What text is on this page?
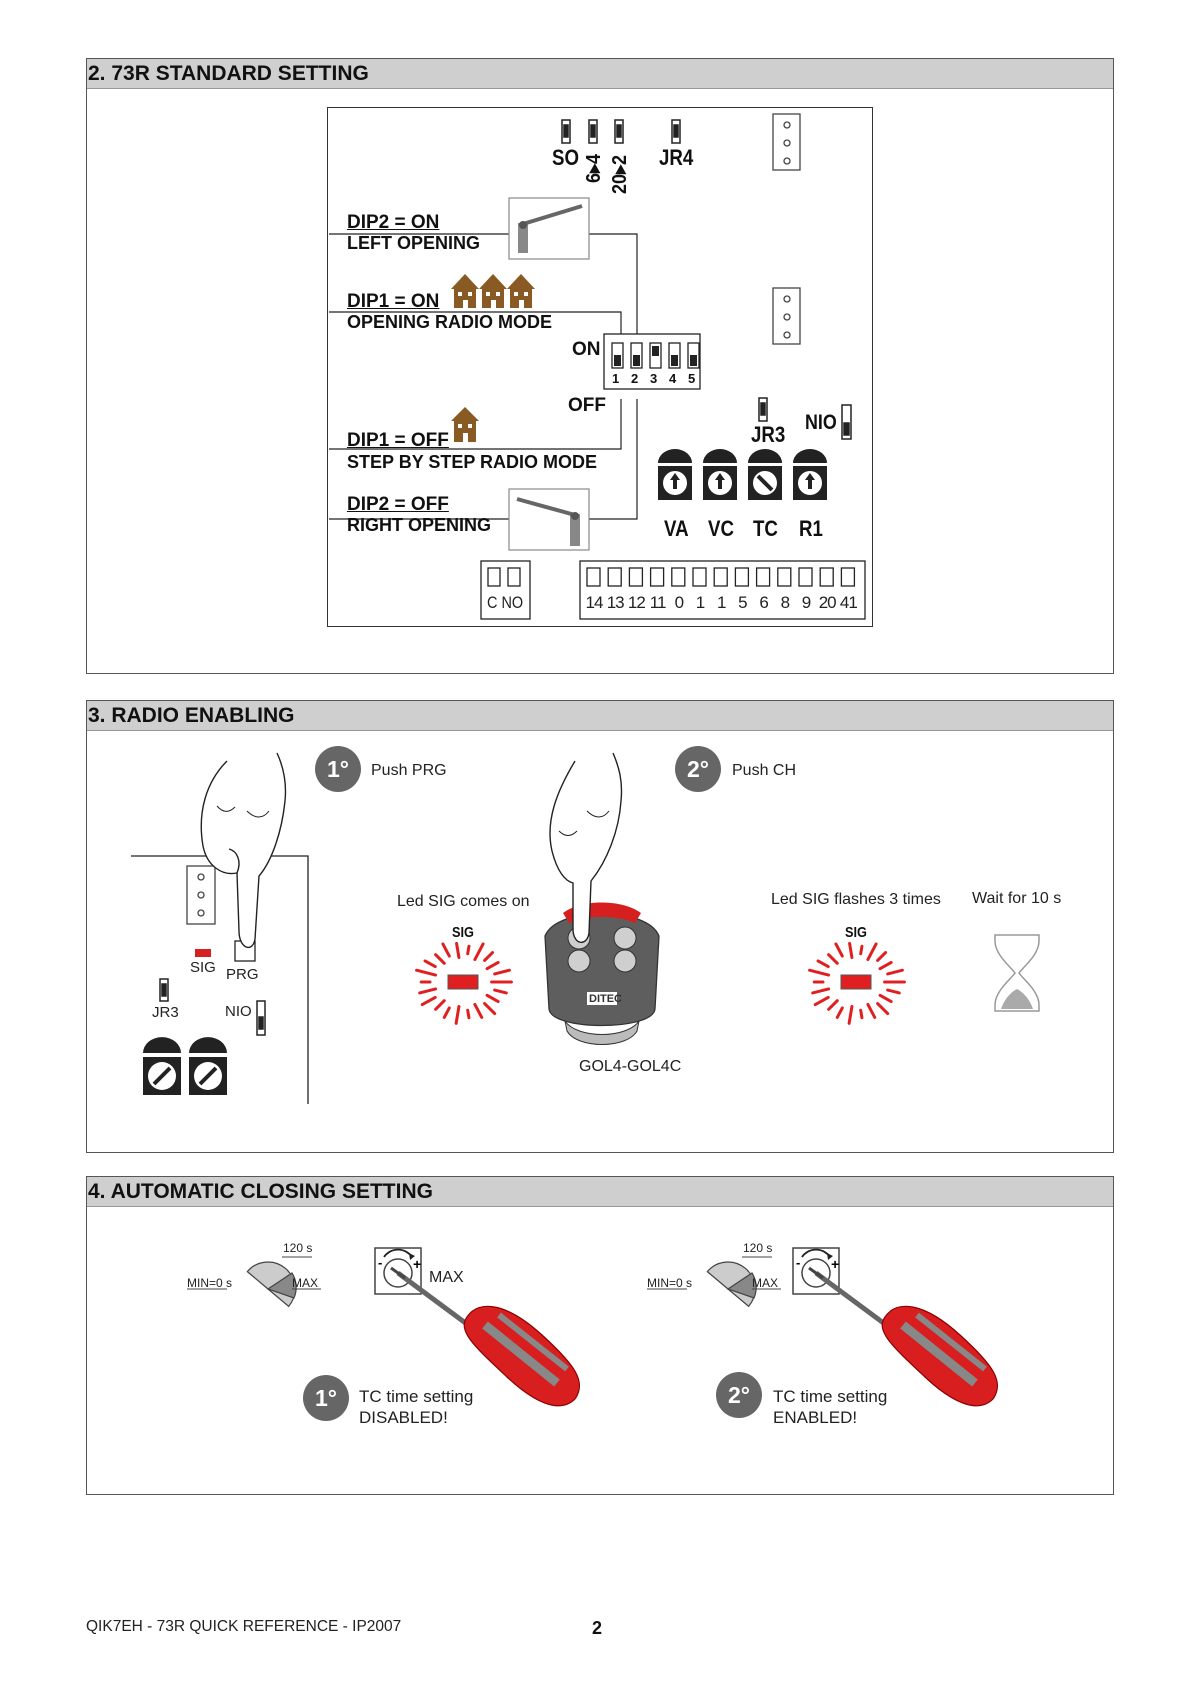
2. 73R STANDARD SETTING
SO 6▸4 20▸2 JR4
DIP2 = ON
LEFT OPENING
DIP1 = ON
OPENING RADIO MODE
ON
OFF
1 2 3 4 5
DIP1 = OFF
STEP BY STEP RADIO MODE
DIP2 = OFF
RIGHT OPENING
JR3 NIO
VA VC TC R1
C NO	14 13 12 11 0 1 1 5 6 8 9 20 41
3. RADIO ENABLING
1°	Push PRG	2°	Push CH
Led SIG comes on	Led SIG flashes 3 times Wait for 10 s
SIG	SIG
SIG PRG
JR3	NIO
DITEC
GOL4-GOL4C
4. AUTOMATIC CLOSING SETTING
- +	- +
120 s
MIN=0 s	MAX
120 s
MIN=0 s	MAX
MAX
1°	TC time setting
DISABLED!
2°	TC time setting
ENABLED!
QIK7EH - 73R QUICK REFERENCE - IP2007	2
